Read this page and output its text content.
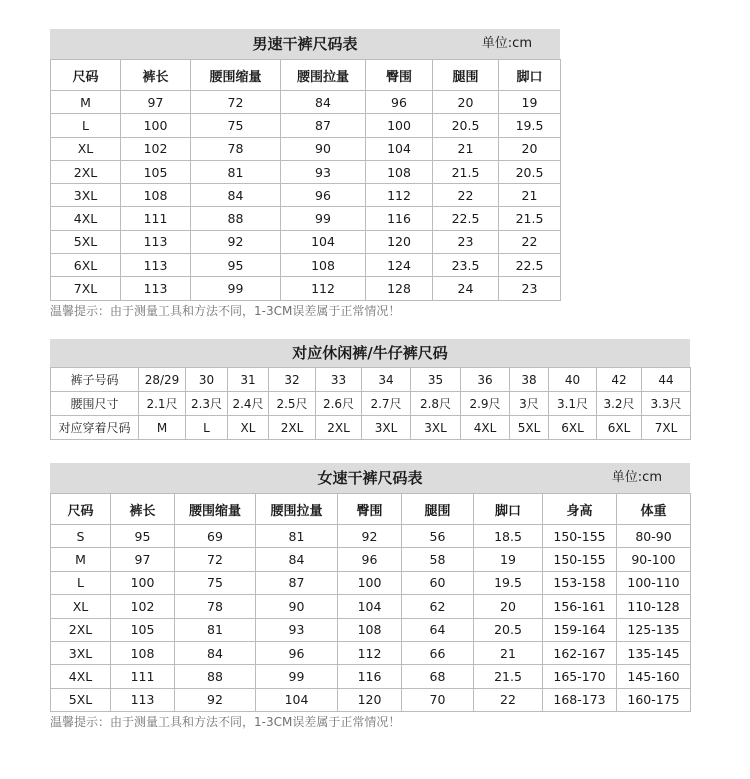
男速干裤尺码表	单位:cm
尺码	裤长	腰围缩量	腰围拉量	臀围	腿围	脚口
M	97	72	84	96	20	19
L	100	75	87	100	20.5	19.5
XL	102	78	90	104	21	20
2XL	105	81	93	108	21.5	20.5
3XL	108	84	96	112	22	21
4XL	111	88	99	116	22.5	21.5
5XL	113	92	104	120	23	22
6XL	113	95	108	124	23.5	22.5
7XL	113	99	112	128	24	23
温馨提示：由于测量工具和方法不同，1-3CM误差属于正常情况！
对应休闲裤/牛仔裤尺码
裤子号码	28/29	30	31	32	33	34	35	36	38	40	42	44
腰围尺寸	2.1尺	2.3尺	2.4尺	2.5尺	2.6尺	2.7尺	2.8尺	2.9尺	3尺	3.1尺	3.2尺	3.3尺
对应穿着尺码	M	L	XL	2XL	2XL	3XL	3XL	4XL	5XL	6XL	6XL	7XL
女速干裤尺码表	单位:cm
尺码	裤长	腰围缩量	腰围拉量	臀围	腿围	脚口	身高	体重
S	95	69	81	92	56	18.5	150-155	80-90
M	97	72	84	96	58	19	150-155	90-100
L	100	75	87	100	60	19.5	153-158	100-110
XL	102	78	90	104	62	20	156-161	110-128
2XL	105	81	93	108	64	20.5	159-164	125-135
3XL	108	84	96	112	66	21	162-167	135-145
4XL	111	88	99	116	68	21.5	165-170	145-160
5XL	113	92	104	120	70	22	168-173	160-175
温馨提示：由于测量工具和方法不同，1-3CM误差属于正常情况！
